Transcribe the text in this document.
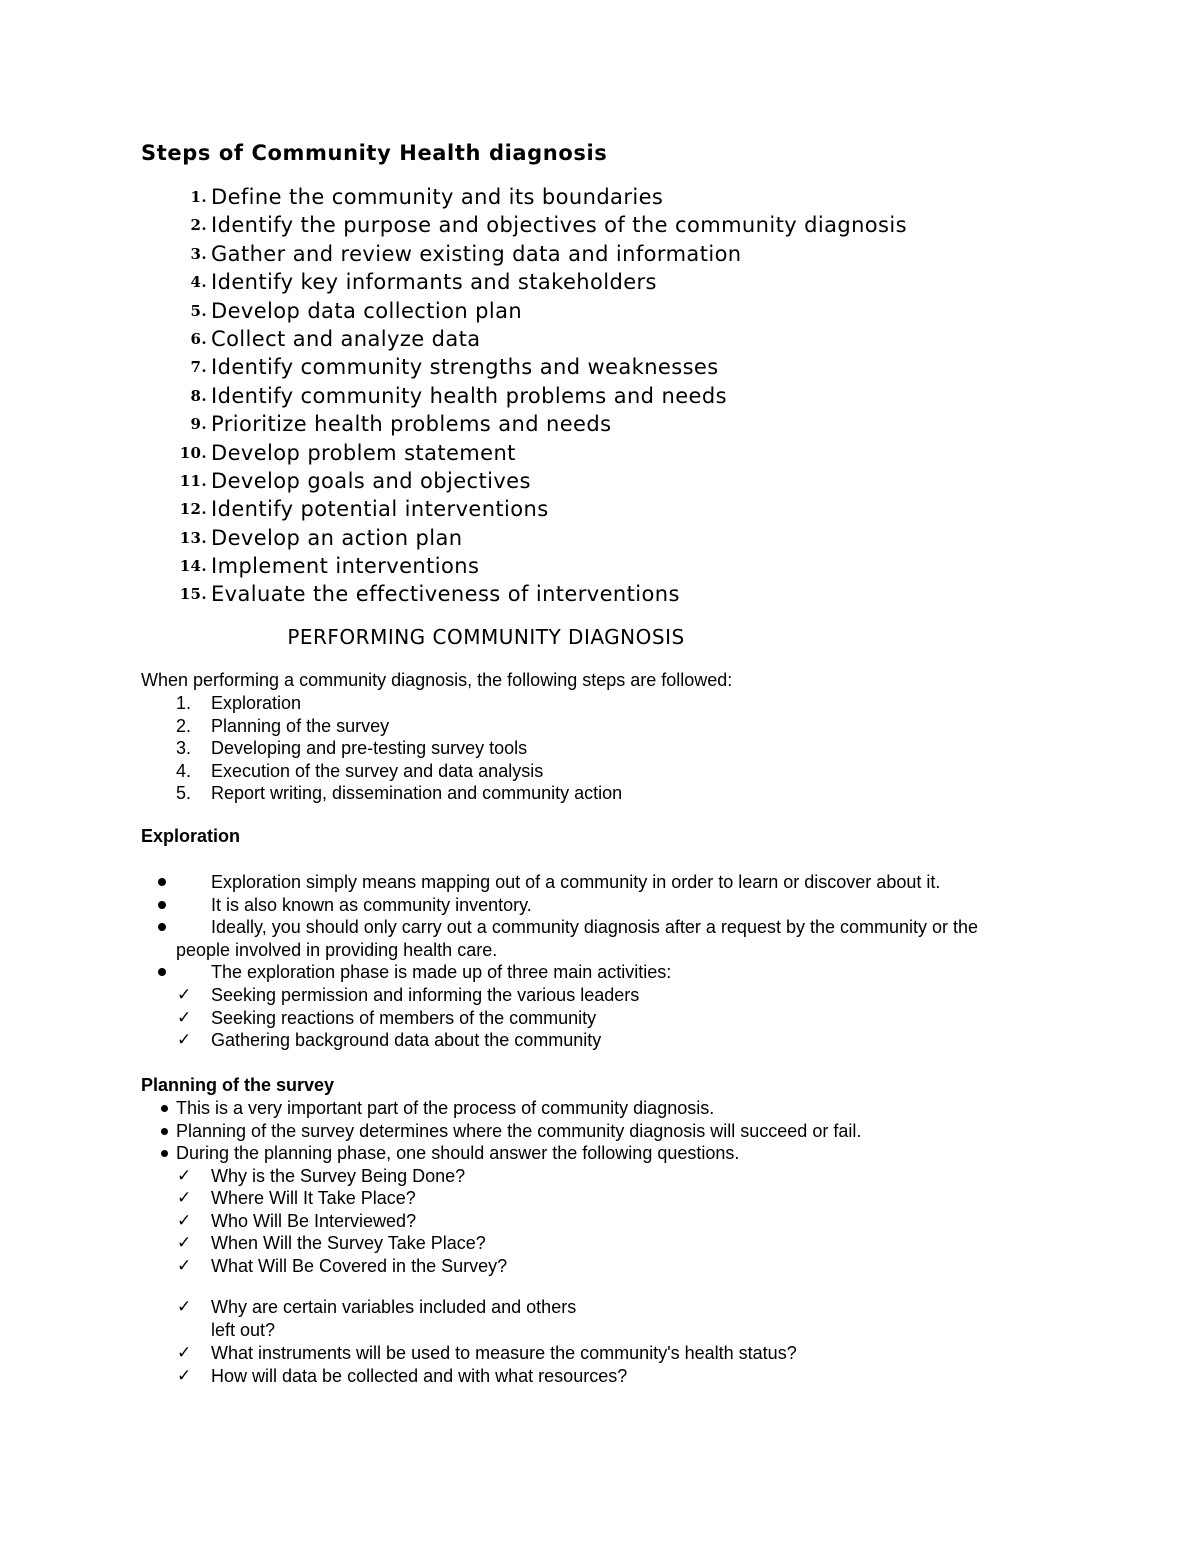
Steps of Community Health diagnosis
1. Define the community and its boundaries
2. Identify the purpose and objectives of the community diagnosis
3. Gather and review existing data and information
4. Identify key informants and stakeholders
5. Develop data collection plan
6. Collect and analyze data
7. Identify community strengths and weaknesses
8. Identify community health problems and needs
9. Prioritize health problems and needs
10. Develop problem statement
11. Develop goals and objectives
12. Identify potential interventions
13. Develop an action plan
14. Implement interventions
15. Evaluate the effectiveness of interventions
PERFORMING COMMUNITY DIAGNOSIS

When performing a community diagnosis, the following steps are followed:

1. Exploration
2. Planning of the survey
3. Developing and pre-testing survey tools
4. Execution of the survey and data analysis
5. Report writing, dissemination and community action
Exploration
Exploration simply means mapping out of a community in order to learn or discover about it.
It is also known as community inventory.
Ideally, you should only carry out a community diagnosis after a request by the community or the
people involved in providing health care.
The exploration phase is made up of three main activities:
✓ Seeking permission and informing the various leaders
✓ Seeking reactions of members of the community
✓ Gathering background data about the community
Planning of the survey
This is a very important part of the process of community diagnosis.
Planning of the survey determines where the community diagnosis will succeed or fail.
During the planning phase, one should answer the following questions.
✓ Why is the Survey Being Done?
✓ Where Will It Take Place?
✓ Who Will Be Interviewed?
✓ When Will the Survey Take Place?
✓ What Will Be Covered in the Survey?
✓ Why are certain variables included and others
left out?
✓ What instruments will be used to measure the community's health status?
✓ How will data be collected and with what resources?
